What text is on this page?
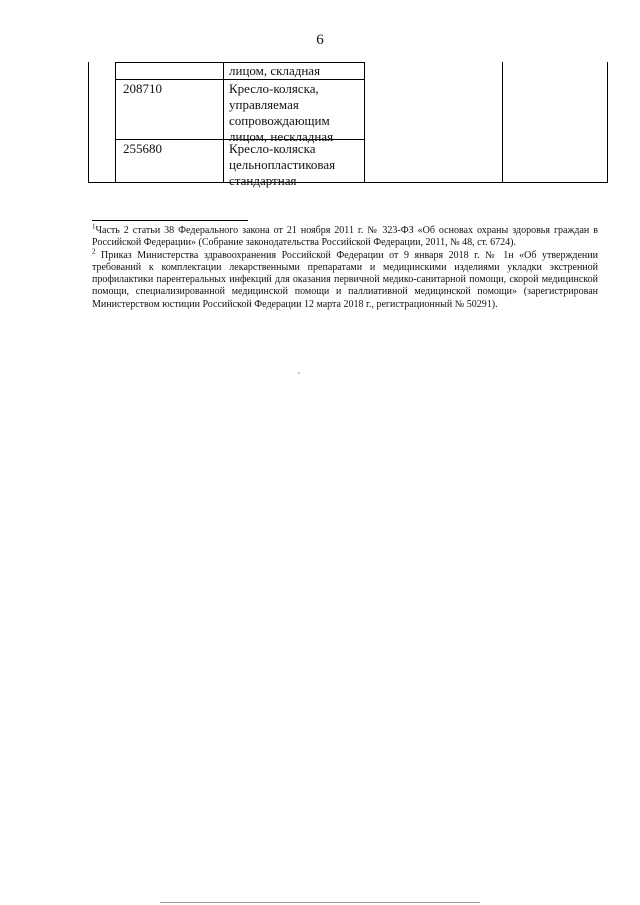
6
лицом, складная
208710	Кресло-коляска,
управляемая
сопровождающим
лицом, нескладная
255680	Кресло-коляска
цельнопластиковая
стандартная

$^1$Часть 2 статьи 38 Федерального закона от 21 ноября 2011 г. № 323-ФЗ «Об основах охраны здоровья граждан в Российской Федерации» (Собрание законодательства Российской Федерации, 2011, № 48, ст. 6724).

$^2$ Приказ Министерства здравоохранения Российской Федерации от 9 января 2018 г. № 1н «Об утверждении требований к комплектации лекарственными препаратами и медицинскими изделиями укладки экстренной профилактики парентеральных инфекций для оказания первичной медико-санитарной помощи, скорой медицинской помощи, специализированной медицинской помощи и паллиативной медицинской помощи» (зарегистрирован Министерством юстиции Российской Федерации 12 марта 2018 г., регистрационный № 50291).
